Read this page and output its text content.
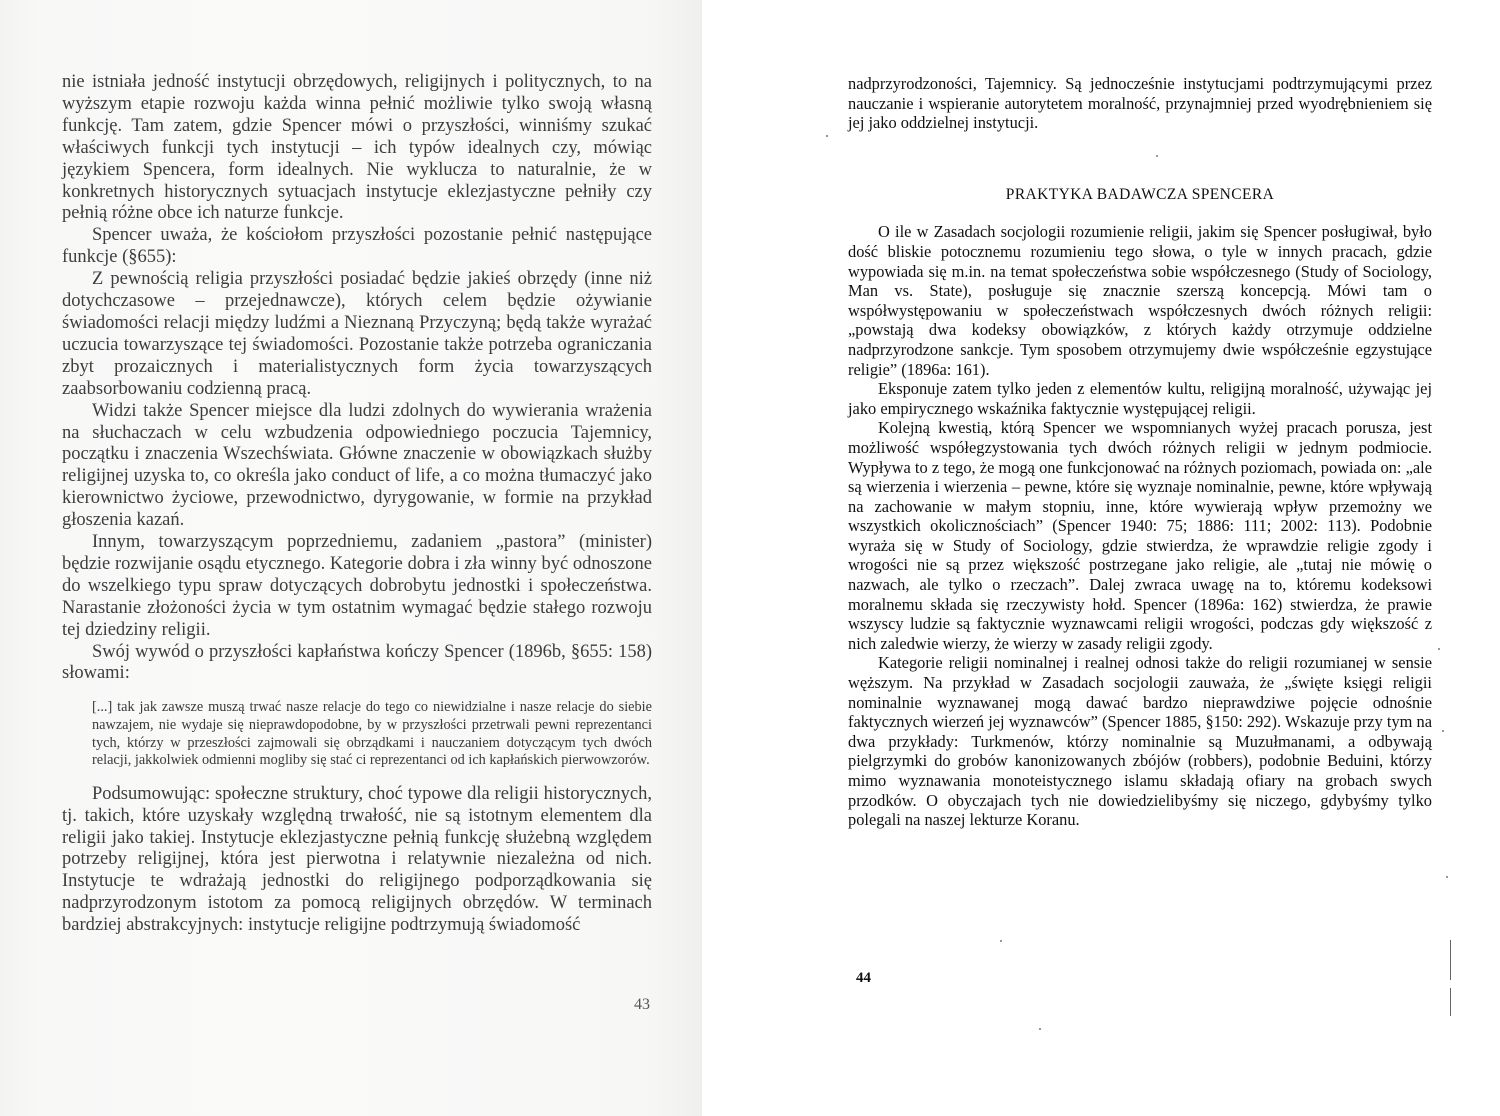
nie istniała jedność instytucji obrzędowych, religijnych i politycznych, to na wyższym etapie rozwoju każda winna pełnić możliwie tylko swoją własną funkcję. Tam zatem, gdzie Spencer mówi o przyszłości, winniśmy szukać właściwych funkcji tych instytucji – ich typów idealnych czy, mówiąc językiem Spencera, form idealnych. Nie wyklucza to naturalnie, że w konkretnych historycznych sytuacjach instytucje eklezjastyczne pełniły czy pełnią różne obce ich naturze funkcje.

Spencer uważa, że kościołom przyszłości pozostanie pełnić następujące funkcje (§655):

Z pewnością religia przyszłości posiadać będzie jakieś obrzędy (inne niż dotychczasowe – przejednawcze), których celem będzie ożywianie świadomości relacji między ludźmi a Nieznaną Przyczyną; będą także wyrażać uczucia towarzyszące tej świadomości. Pozostanie także potrzeba ograniczania zbyt prozaicznych i materialistycznych form życia towarzyszących zaabsorbowaniu codzienną pracą.

Widzi także Spencer miejsce dla ludzi zdolnych do wywierania wrażenia na słuchaczach w celu wzbudzenia odpowiedniego poczucia Tajemnicy, początku i znaczenia Wszechświata. Główne znaczenie w obowiązkach służby religijnej uzyska to, co określa jako conduct of life, a co można tłumaczyć jako kierownictwo życiowe, przewodnictwo, dyrygowanie, w formie na przykład głoszenia kazań.

Innym, towarzyszącym poprzedniemu, zadaniem „pastora” (minister) będzie rozwijanie osądu etycznego. Kategorie dobra i zła winny być odnoszone do wszelkiego typu spraw dotyczących dobrobytu jednostki i społeczeństwa. Narastanie złożoności życia w tym ostatnim wymagać będzie stałego rozwoju tej dziedziny religii.

Swój wywód o przyszłości kapłaństwa kończy Spencer (1896b, §655: 158) słowami:

[...] tak jak zawsze muszą trwać nasze relacje do tego co niewidzialne i nasze relacje do siebie nawzajem, nie wydaje się nieprawdopodobne, by w przyszłości przetrwali pewni reprezentanci tych, którzy w przeszłości zajmowali się obrządkami i nauczaniem dotyczącym tych dwóch relacji, jakkolwiek odmienni mogliby się stać ci reprezentanci od ich kapłańskich pierwowzorów.

Podsumowując: społeczne struktury, choć typowe dla religii historycznych, tj. takich, które uzyskały względną trwałość, nie są istotnym elementem dla religii jako takiej. Instytucje eklezjastyczne pełnią funkcję służebną względem potrzeby religijnej, która jest pierwotna i relatywnie niezależna od nich. Instytucje te wdrażają jednostki do religijnego podporządkowania się nadprzyrodzonym istotom za pomocą religijnych obrzędów. W terminach bardziej abstrakcyjnych: instytucje religijne podtrzymują świadomość

43

nadprzyrodzoności, Tajemnicy. Są jednocześnie instytucjami podtrzymującymi przez nauczanie i wspieranie autorytetem moralność, przynajmniej przed wyodrębnieniem się jej jako oddzielnej instytucji.

PRAKTYKA BADAWCZA SPENCERA

O ile w Zasadach socjologii rozumienie religii, jakim się Spencer posługiwał, było dość bliskie potocznemu rozumieniu tego słowa, o tyle w innych pracach, gdzie wypowiada się m.in. na temat społeczeństwa sobie współczesnego (Study of Sociology, Man vs. State), posługuje się znacznie szerszą koncepcją. Mówi tam o współwystępowaniu w społeczeństwach współczesnych dwóch różnych religii: „powstają dwa kodeksy obowiązków, z których każdy otrzymuje oddzielne nadprzyrodzone sankcje. Tym sposobem otrzymujemy dwie współcześnie egzystujące religie” (1896a: 161).

Eksponuje zatem tylko jeden z elementów kultu, religijną moralność, używając jej jako empirycznego wskaźnika faktycznie występującej religii.

Kolejną kwestią, którą Spencer we wspomnianych wyżej pracach porusza, jest możliwość współegzystowania tych dwóch różnych religii w jednym podmiocie. Wypływa to z tego, że mogą one funkcjonować na różnych poziomach, powiada on: „ale są wierzenia i wierzenia – pewne, które się wyznaje nominalnie, pewne, które wpływają na zachowanie w małym stopniu, inne, które wywierają wpływ przemożny we wszystkich okolicznościach” (Spencer 1940: 75; 1886: 111; 2002: 113). Podobnie wyraża się w Study of Sociology, gdzie stwierdza, że wprawdzie religie zgody i wrogości nie są przez większość postrzegane jako religie, ale „tutaj nie mówię o nazwach, ale tylko o rzeczach”. Dalej zwraca uwagę na to, któremu kodeksowi moralnemu składa się rzeczywisty hołd. Spencer (1896a: 162) stwierdza, że prawie wszyscy ludzie są faktycznie wyznawcami religii wrogości, podczas gdy większość z nich zaledwie wierzy, że wierzy w zasady religii zgody.

Kategorie religii nominalnej i realnej odnosi także do religii rozumianej w sensie węższym. Na przykład w Zasadach socjologii zauważa, że „święte księgi religii nominalnie wyznawanej mogą dawać bardzo nieprawdziwe pojęcie odnośnie faktycznych wierzeń jej wyznawców” (Spencer 1885, §150: 292). Wskazuje przy tym na dwa przykłady: Turkmenów, którzy nominalnie są Muzułmanami, a odbywają pielgrzymki do grobów kanonizowanych zbójów (robbers), podobnie Beduini, którzy mimo wyznawania monoteistycznego islamu składają ofiary na grobach swych przodków. O obyczajach tych nie dowiedzielibyśmy się niczego, gdybyśmy tylko polegali na naszej lekturze Koranu.

44
